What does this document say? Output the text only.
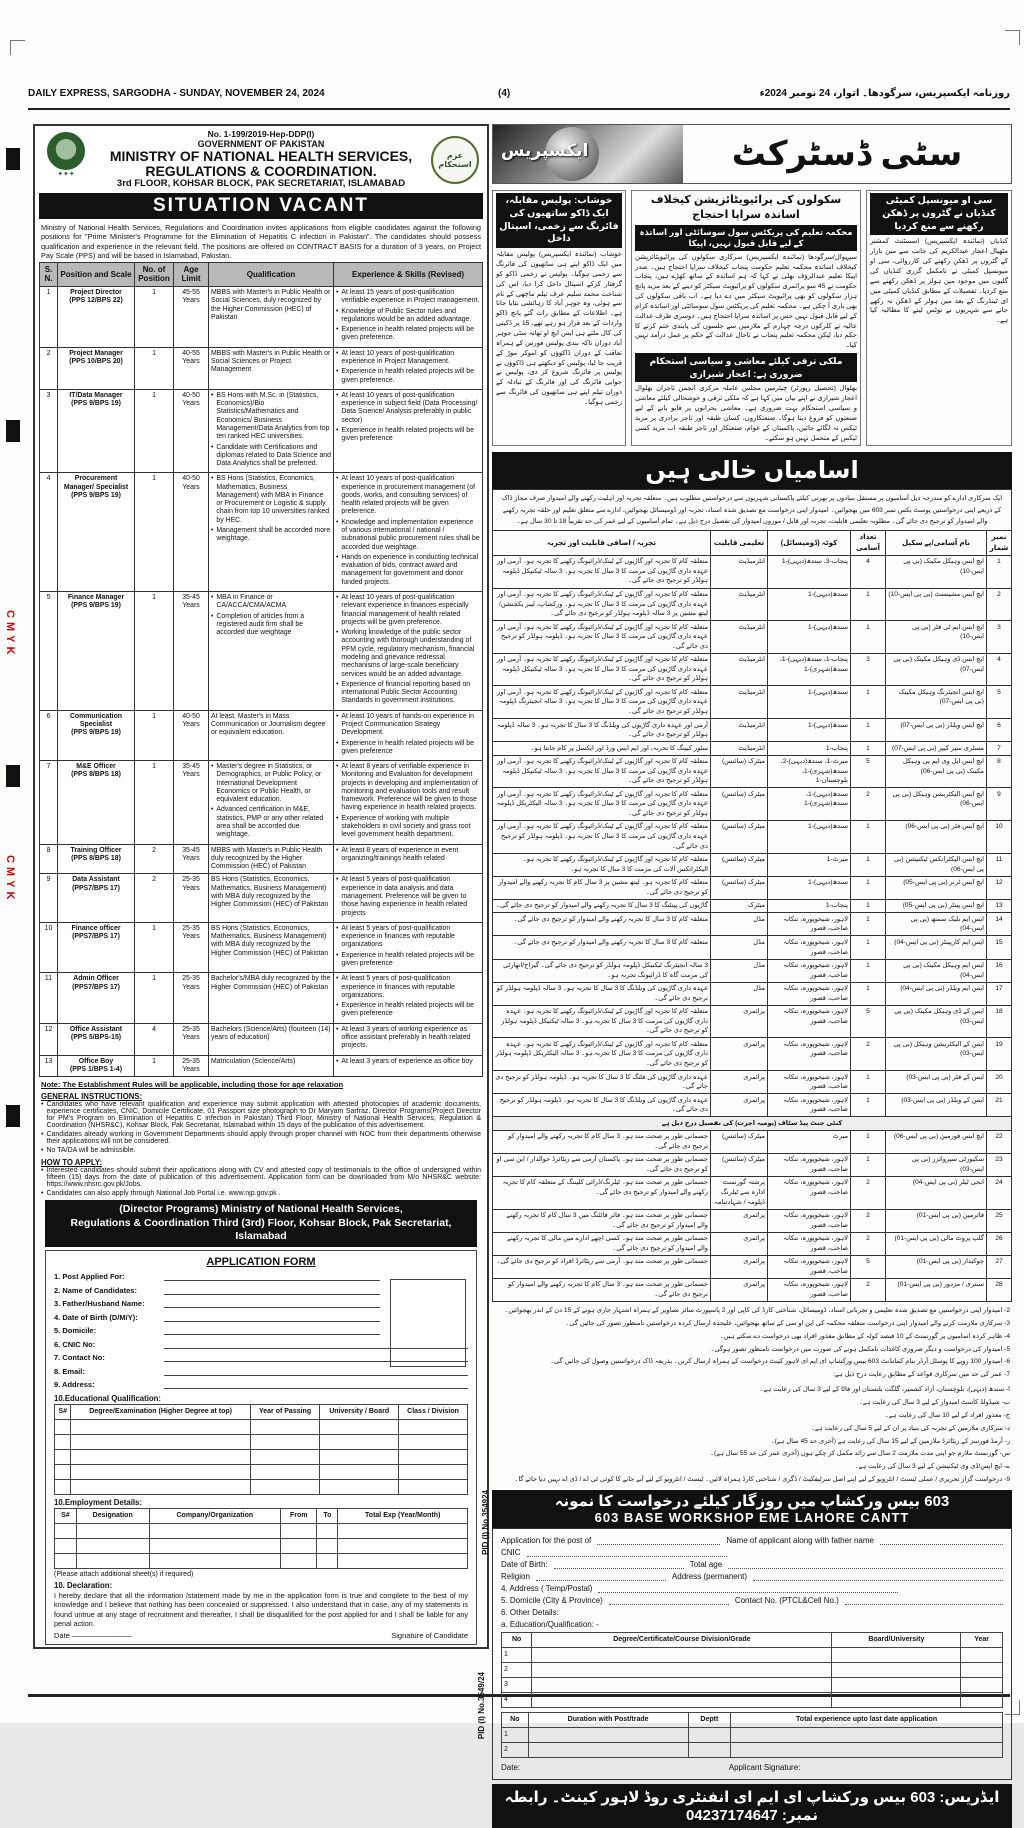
CMYK
CMYK
DAILY EXPRESS, SARGODHA - SUNDAY, NOVEMBER 24, 2024	(4)	روزنامہ ایکسپریس، سرگودھا۔ اتوار، 24 نومبر 2024ء
✦✦✦
عزم استحکام
No. 1-199/2019-Hep-DDP(I)
GOVERNMENT OF PAKISTAN
MINISTRY OF NATIONAL HEALTH SERVICES,
REGULATIONS & COORDINATION.
3rd FLOOR, KOHSAR BLOCK, PAK SECRETARIAT, ISLAMABAD
SITUATION VACANT
Ministry of National Health Services, Regulations and Coordination invites applications from eligible candidates against the following positions for "Prime Minister's Programme for the Elimination of Hepatitis C infection in Pakistan". The candidates should possess qualification and experience in the relevant field. The positions are offered on CONTRACT BASIS for a duration of 3 years, on Project Pay Scale (PPS) and will be based in Islamabad, Pakistan.
S. N.	Position and Scale	No. of Position	Age Limit	Qualification	Experience & Skills (Revised)
1	Project Director
(PPS 12/BPS 22)
	1	45-55 Years	MBBS with Master's in Public Health or Social Sciences, duly recognized by the Higher Commission (HEC) of Pakistan	
• At least 15 years of post-qualification verifiable experience in Project management.
• Knowledge of Public Sector rules and regulations would be an added advantage.
• Experience in health related projects will be given preference.

2	Project Manager
(PPS 10/BPS 20)
	1	40-55 Years	MBBS with Master's in Public Health or Social Sciences or Project Management	
• At least 10 years of post-qualification experience in Project Management.
• Experience in health related projects will be given preference.

3	IT/Data Manager
(PPS 9/BPS 19)
	1	40-50 Years	
• BS Hons with M.Sc. in (Statistics, Economics)/Bio Statistics/Mathematics and Economics/ Business Management/Data Analytics from top ten ranked HEC universities.
• Candidate with Certifications and diplomas related to Data Science and Data Analytics shall be preferred.

• At least 10 years of post-qualification experience in subject field (Data Processing/ Data Science/ Analysis preferably in public sector)
• Experience in health related projects will be given preference

4	Procurement Manager/ Specialist
(PPS 9/BPS 19)
	1	40-50 Years	
• BS Hons (Statistics, Economics, Mathematics, Business Management) with MBA in Finance or Procurement or Logistic & supply chain from top 10 universities ranked by HEC.
• Management shall be accorded more weightage.

• At least 10 years of post-qualification experience in procurement management (of goods, works, and consulting services) of health related projects will be given preference.
• Knowledge and implementation experience of various international / national / subnational public procurement rules shall be accorded due weightage.
• Hands on experience in conducting technical evaluation of bids, contract award and management for government and donor funded projects.

5	Finance Manager
(PPS 9/BPS 19)
	1	35-45 Years	
• MBA in Finance or CA/ACCA/CMA/ACMA
• Completion of articles from a registered audit firm shall be accorded due weightage

• At least 10 years of post-qualification relevant experience in finances especially financial management of health related projects will be given preference.
• Working knowledge of the public sector accounting with thorough understanding of PFM cycle, regulatory mechanism, financial modeling and grievance redressal mechanisms of large-scale beneficiary services would be an added advantage.
• Experience of financial reporting based on international Public Sector Accounting Standards in government institutions.

6	Communication Specialist
(PPS 9/BPS 19)
	1	40-50 Years	At least, Master's in Mass Communication or Journalism degree or equivalent education.	
• At least 10 years of hands-on experience in Project Communication Strategy Development.
• Experience in health related projects will be given preference

7	M&E Officer
(PPS 8/BPS 18)
	1	35-45 Years	
• Master's degree in Statistics, or Demographics, or Public Policy, or International Development Economics or Public Health, or equivalent education.
• Advanced certification in M&E, statistics, PMP or any other related area shall be accorded due weightage.

• At least 8 years of verifiable experience in Monitoring and Evaluation for development projects in developing and implementation of monitoring and evaluation tools and result framework. Preference will be given to those having experience in health related projects.
• Experience of working with multiple stakeholders in civil society and grass root level government health department.

8	Training Officer
(PPS 8/BPS 18)	2	35-45 Years	MBBS with Master's in Public Health duly recognized by the Higher Commission (HEC) of Pakistan	• At least 8 years of experience in event organizing/trainings health related

9	Data Assistant
(PPS7/BPS 17)	2	25-35 Years	BS Hons (Statistics, Economics, Mathematics, Business Management) with MBA duly recognized by the Higher Commission (HEC) of Pakistan	• At least 5 years of post-qualification experience in data analysis and data management. Preference will be given to those having experience in health related projects

10	Finance officer
(PPS7/BPS 17)
	1	25-35 Years	BS Hons (Statistics, Economics, Mathematics, Business Management) with MBA duly recognized by the Higher Commission (HEC) of Pakistan	
• At least 5 years of post-qualification experience in finances with reputable organizations
• Experience in health related projects will be given preference

11	Admin Officer
(PPS7/BPS 17)
	1	25-35 Years	Bachelor's/MBA duly recognized by the Higher Commission (HEC) of Pakistan	
• At least 5 years of post-qualification experience in finances with reputable organizations.
• Experience in health related projects will be given preference

12	Office Assistant
(PPS 5/BPS-15)	4	25-35 Years	Bachelors (Science/Arts) (fourteen (14) years of education)	• At least 3 years of working experience as office assistant preferably in health related projects.

13	Office Boy
(PPS 1/BPS 1-4)	1	25-35 Years	Matriculation (Science/Arts)	• At least 3 years of experience as office boy
Note: The Establishment Rules will be applicable, including those for age relaxation
GENERAL INSTRUCTIONS:
• Candidates who have relevant qualification and experience may submit application with attested photocopies of academic documents, experience certificates, CNIC, Domicile Certificate, 01 Passport size photograph to Dr Maryam Sarfraz, Director Programs(Project Director for PM's Program on Elimination of Hepatitis C infection in Pakistan) Third Floor, Ministry of National Health Services, Regulation & Coordination (NHSR&C), Kohsar Block, Pak Secretariat, Islamabad within 15 days of the publication of this advertisement.
• Candidates already working in Government Departments should apply through proper channel with NOC from their departments otherwise their applications will not be considered.
• No TA/DA will be admissible.
HOW TO APPLY:
• Interested candidates should submit their applications along with CV and attested copy of testimonials to the office of undersigned within fifteen (15) days from the date of publication of this advertisement. Application form can be downloaded from M/o NHSR&C website: https://www.nhsrc.gov.pk/Jobs.
• Candidates can also apply through National Job Portal i.e. www.njp.gov.pk .
(Director Programs) Ministry of National Health Services,
Regulations & Coordination Third (3rd) Floor, Kohsar Block, Pak Secretariat, Islamabad
APPLICATION FORM
1. Post Applied For:
2. Name of Candidates:
3. Father/Husband Name:
4. Date of Birth (D/M/Y):
5. Domicile:
6. CNIC No:
7. Contact No:
8. Email:
9. Address:
10.Educational Qualification:
S#	Degree/Examination (Higher Degree at top)	Year of Passing	University / Board	Class / Division

10.Employment Details:
S#	Designation	Company/Organization	From	To	Total Exp (Year/Month)

(Please attach additional sheet(s) if required)
10. Declaration:
I hereby declare that all the information /statement made by me in the application form is true and complete to the best of my knowledge and I believe that nothing has been concealed or suppressed. I also understand that in case, any of my statements is found untrue at any stage of recruitment and thereafter, I shall be disqualified for the post applied for and I shall be liable for any penal action.
Date ————————	Signature of Candidate
PID (I) No.354924
ایکسپریس	سٹی ڈسٹرکٹ
سی او میونسپل کمیٹی کنڈیاں نے گٹروں پر ڈھکن رکھنے سے منع کردیا
کنڈیاں (نمائندہ ایکسپریس) اسسٹنٹ کمشنر مٹھیال اعجاز عبدالکریم کی جانب سے مین بازار کے گٹروں پر ڈھکن رکھنے کی کارروائی، سی او میونسپل کمیٹی نے نامکمل گزری کنڈیاں کی گلیوں میں موجود مین ہولز پر ڈھکن رکھنے سے منع کردیا۔ تفصیلات کے مطابق کنڈیاں کمیٹی میں ای ٹینڈرنگ کے بعد مین ہولز کے ڈھکن نہ رکھے جانے سے شہریوں نے نوٹس لینے کا مطالبہ کیا ہے۔
سکولوں کی پرائیویٹائزیشن کیخلاف اساتذہ سراپا احتجاج
محکمہ تعلیم کی پریکٹس سول سوسائٹی اور اساتذہ کے لیے قابل قبول نہیں، اپیکا
سیہوال/سرگودھا (نمائندہ ایکسپریس) سرکاری سکولوں کی پرائیویٹائزیشن کیخلاف اساتذہ محکمہ تعلیم حکومت پنجاب کیخلاف سراپا احتجاج ہیں۔ صدر اپیکا تعلیم عبدالرؤف بھلی نے کہا کہ ہم اساتذہ کے ساتھ کھڑے ہیں، پنجاب حکومت نے 45 سو پرائمری سکولوں کو پرائیویٹ سیکٹر کو دینے کے بعد مزید پانچ ہزار سکولوں کو بھی پرائیویٹ سیکٹر میں دے دیا ہے۔ اب باقی سکولوں کی بھی باری آ چکی ہے۔ محکمہ تعلیم کی پریکٹس سول سوسائٹی اور اساتذہ کرام کے لیے قابل قبول نہیں جس پر اساتذہ سراپا احتجاج ہیں۔ دوسری طرف عدالت عالیہ نے کلرکوں درجہ چہارم کے ملازمین سے جلسوں کی پابندی ختم کرنے کا حکم دیا، لیکن محکمہ تعلیم پنجاب نے تاحال عدالت کے حکم پر عمل درآمد نہیں کیا۔
ملکی ترقی کیلئے معاشی و سیاسی استحکام ضروری ہے: اعجاز شیرازی
بھلوال (تحصیل رپورٹر) چیئرمین مجلس عاملہ مرکزی انجمن تاجران بھلوال اعجاز شیرازی نے اپنے بیان میں کہا ہے کہ ملکی ترقی و خوشحالی کیلئے معاشی و سیاسی استحکام بہت ضروری ہے۔ معاشی بحرانوں پر قابو پانے کے لیے صنعتوں کو فروغ دینا ہوگا۔ صنعتکاروں، کسان طبقہ اور تاجر برادری پر مزید ٹیکس نہ لگائے جائیں، پاکستان کے عوام، صنعتکار اور تاجر طبقہ اب مزید کسی ٹیکس کے متحمل نہیں ہو سکتے۔
خوشاب: پولیس مقابلہ، ایک ڈاکو ساتھیوں کی فائرنگ سے زخمی، اسپتال داخل
خوشاب (نمائندہ ایکسپریس) پولیس مقابلہ میں ایک ڈاکو اپنے ہی ساتھیوں کی فائرنگ سے زخمی ہوگیا۔ پولیس نے زخمی ڈاکو کو گرفتار کرکے اسپتال داخل کرا دیا، اس کی شناخت محمد سلیم عرف تیلم ماچھی کے نام سے ہوئی، وہ جوہر آباد کا رہائشی بتایا جاتا ہے۔ اطلاعات کے مطابق رات گئے پانچ ڈاکو واردات کے بعد فرار ہو رہے تھے، 15 پر ڈکیتی کی کال ملتے ہی ایس ایچ او تھانہ سٹی جوہر آباد دوران ناکہ بندی پولیس فورس کے ہمراہ تعاقب کے دوران ڈاکوؤں کو اموکر موڑ کے قریب جا لیا، پولیس کو دیکھتے ہی ڈاکوؤں نے پولیس پر فائرنگ شروع کر دی، پولیس نے جوابی فائرنگ کی اور فائرنگ کے تبادلہ کے دوران تیلم اپنے ہی ساتھیوں کی فائرنگ سے زخمی ہوگیا۔
اسامیاں خالی ہیں
ایک سرکاری ادارے کو مندرجہ ذیل آسامیوں پر مستقل بنیادوں پر بھرتی کیلئے پاکستانی شہریوں سے درخواستیں مطلوب ہیں۔ متعلقہ تجربہ اور اہلیت رکھنے والے امیدوار صرف مجاز ڈاک کے ذریعے اپنی درخواستیں پوسٹ بکس نمبر 603 میں بھجوائیں۔ امیدوار اپنی درخواست مع تصدیق شدہ اسناد، تجربہ اور ڈومیسائل بھجوائیں، ادارے سے متعلق تعلیم اور حلقہ تجربہ رکھنے والے امیدوار کو ترجیح دی جائے گی۔ مطلوبہ تعلیمی قابلیت، تجربہ اور قابل / موزوں امیدوار کی تفصیل درج ذیل ہے۔ تمام آسامیوں کے لیے عمر کی حد تقریباً 18 تا 30 سال ہے۔
نمبر شمار	نام آسامی/پے سکیل	تعداد آسامی	کوٹہ (ڈومیسائل)	تعلیمی قابلیت	تجربہ / اضافی قابلیت اور تجربہ
1	ایچ ایس وہیکل مکینک (بی پی ایس-10)	4	پنجاب-3، سندھ(دیہی)-1	انٹرمیڈیٹ	متعلقہ کام کا تجربہ اور گاڑیوں کے ٹینک/ڈرائیونگ رکھنے کا تجربہ ہو۔ آرمی اور عہدہ داری گاڑیوں کی مرمت کا 3 سال کا تجربہ ہو۔ 3 سالہ ٹیکنیکل ڈپلومہ ہولڈر کو ترجیح دی جائے گی۔
2	ایچ ایس مشینسٹ (بی پی ایس-10)	1	سندھ(دیہی)-1	انٹرمیڈیٹ	متعلقہ کام کا تجربہ اور گاڑیوں کے ٹینک/ڈرائیونگ رکھنے کا تجربہ ہو۔ آرمی اور عہدہ داری گاڑیوں کی مرمت کا 3 سال کا تجربہ ہو۔ ورکشاپ، لیبر یکجنشن/لیتھ مشین پر 3 سالہ ڈپلومہ ہولڈر کو ترجیح دی جائے گی۔
3	ایچ ایس ایم ٹی فٹر (بی پی ایس-10)	1	سندھ(دیہی)-1	انٹرمیڈیٹ	متعلقہ کام کا تجربہ اور گاڑیوں کے ٹینک/ڈرائیونگ رکھنے کا تجربہ ہو۔ آرمی اور عہدہ داری گاڑیوں کی مرمت کا 3 سال کا تجربہ ہو۔ ڈپلومہ ہولڈر کو ترجیح دی جائے گی۔
4	ایچ ایس ڈی وہیکل مکینک (بی پی ایس-07)	3	پنجاب-1، سندھ(دیہی)-1، سندھ(شہری)-1	انٹرمیڈیٹ	متعلقہ کام کا تجربہ اور گاڑیوں کے ٹینک/ڈرائیونگ رکھنے کا تجربہ ہو۔ آرمی اور عہدہ داری گاڑیوں کی مرمت کا 3 سال کا تجربہ ہو۔ 3 سالہ ٹیکنیکل ڈپلومہ ہولڈر کو ترجیح دی جائے گی۔
5	ایچ ایس انجیئرنگ وہیکل مکینک (بی پی ایس-07)	1	سندھ(دیہی)-1	انٹرمیڈیٹ	متعلقہ کام کا تجربہ اور گاڑیوں کے ٹینک/ڈرائیونگ رکھنے کا تجربہ ہو۔ آرمی اور عہدہ داری گاڑیوں کی مرمت کا 3 سال کا تجربہ ہو۔ 3 سالہ انجیئرنگ ڈپلومہ ہولڈر کو ترجیح دی جائے گی۔
6	ایچ ایس ویلڈر (بی پی ایس-07)	1	سندھ(دیہی)-1	انٹرمیڈیٹ	آرمی اور عہدہ داری گاڑیوں کی ویلڈنگ کا 3 سال کا تجربہ ہو۔ 3 سالہ ڈپلومہ ہولڈر کو ترجیح دی جائے گی۔
7	مسٹری سپر کیپر (بی پی ایس-07)	1	پنجاب-1	انٹرمیڈیٹ	سٹور کیپنگ کا تجربہ، اور ایم ایس ورڈ اور ایکسل پر کام جانتا ہو۔
8	ایچ ایس ایل وی ایم پی وہیکل مکینک (بی پی ایس-06)	5	میرٹ-1، سندھ(دیہی)-2، سندھ(شہری)-1، بلوچستان-1	میٹرک (سائنس)	متعلقہ کام کا تجربہ اور گاڑیوں کے ٹینک/ڈرائیونگ رکھنے کا تجربہ ہو۔ آرمی اور عہدہ داری گاڑیوں کی مرمت کا 3 سال کا تجربہ ہو۔ 3 سالہ ٹیکنیکل ڈپلومہ ہولڈر کو ترجیح دی جائے گی۔
9	ایچ ایس الیکٹریشن وہیکل (بی پی ایس-06)	2	سندھ(دیہی)-1، سندھ(شہری)-1	میٹرک (سائنس)	متعلقہ کام کا تجربہ اور گاڑیوں کے ٹینک/ڈرائیونگ رکھنے کا تجربہ ہو۔ آرمی اور عہدہ داری گاڑیوں کی مرمت کا 3 سال کا تجربہ ہو۔ 3 سالہ الیکٹریکل ڈپلومہ ہولڈر کو ترجیح دی جائے گی۔
10	ایچ ایس فٹر (بی پی ایس-06)	1	سندھ(دیہی)-1	میٹرک (سائنس)	متعلقہ کام کا تجربہ اور گاڑیوں کے ٹینک/ڈرائیونگ رکھنے کا تجربہ ہو۔ آرمی اور عہدہ داری گاڑیوں کی مرمت کا 3 سال کا تجربہ ہو۔ ڈپلومہ ہولڈر کو ترجیح دی جائے گی۔
11	ایچ ایس الیکٹرانکس ٹیکنیشن (بی پی ایس-06)	1	میرٹ-1	میٹرک (سائنس)	متعلقہ کام کا تجربہ اور گاڑیوں کے ٹینک/ڈرائیونگ رکھنے کا تجربہ ہو۔ الیکٹرانکس آلات کی مرمت کا 3 سال کا تجربہ ہو۔
12	ایچ ایس ٹرنر (بی پی ایس-05)	1	سندھ(دیہی)-1	میٹرک (سائنس)	متعلقہ کام کا تجربہ ہو۔ لیتھ مشین پر 3 سال کام کا تجربہ رکھنے والے امیدوار کو ترجیح دی جائے گی۔
13	ایچ ایس پینٹر (بی پی ایس-05)	1	پنجاب-1	میٹرک	گاڑیوں کی پینٹنگ کا 3 سال کا تجربہ رکھنے والے امیدوار کو ترجیح دی جائے گی۔
14	ایس ایم بلیک سمتھ (بی پی ایس-04)	1	لاہور، شیخوپورہ، ننکانہ صاحب، قصور	مڈل	متعلقہ کام کا 3 سال کا تجربہ رکھنے والے امیدوار کو ترجیح دی جائے گی۔
15	ایس ایم کارپینٹر (بی پی ایس-04)	1	لاہور، شیخوپورہ، ننکانہ صاحب، قصور	مڈل	متعلقہ کام کا 3 سال کا تجربہ رکھنے والے امیدوار کو ترجیح دی جائے گی۔
16	ایس ایم وہیکل مکینک (بی پی ایس-04)	1	لاہور، شیخوپورہ، ننکانہ صاحب، قصور	مڈل	3 سالہ انجیئرنگ ٹیکنیکل ڈپلومہ ہولڈر کو ترجیح دی جائے گی۔ گیراج/اتھارٹی کی مرمت گاہ کا ڈرائیونگ تجربہ ہو۔
17	ایس ایم ویلڈر (بی پی ایس-04)	1	لاہور، شیخوپورہ، ننکانہ صاحب، قصور	مڈل	عہدہ داری گاڑیوں کی ویلڈنگ کا 3 سال کا تجربہ ہو۔ 3 سالہ ڈپلومہ ہولڈر کو ترجیح دی جائے گی۔
18	ایس کے ڈی وہیکل مکینک (بی پی ایس-03)	5	لاہور، شیخوپورہ، ننکانہ صاحب، قصور	پرائمری	متعلقہ کام کا تجربہ اور گاڑیوں کے ٹینک/ڈرائیونگ رکھنے کا تجربہ ہو۔ عہدہ داری گاڑیوں کی مرمت کا 3 سال کا تجربہ ہو۔ 3 سالہ ٹیکنیکل ڈپلومہ ہولڈر کو ترجیح دی جائے گی۔
19	ایس کے الیکٹریشن وہیکل (بی پی ایس-03)	2	لاہور، شیخوپورہ، ننکانہ صاحب، قصور	پرائمری	متعلقہ کام کا تجربہ اور گاڑیوں کے ٹینک/ڈرائیونگ رکھنے کا تجربہ ہو۔ عہدہ داری گاڑیوں کی مرمت کا 3 سال کا تجربہ ہو۔ 3 سالہ الیکٹریکل ڈپلومہ ہولڈر کو ترجیح دی جائے گی۔
20	ایس کے فٹر (بی پی ایس-03)	1	لاہور، شیخوپورہ، ننکانہ صاحب، قصور	پرائمری	عہدہ داری گاڑیوں کی فٹنگ کا 3 سال کا تجربہ ہو۔ ڈپلومہ ہولڈر کو ترجیح دی جائے گی۔
21	ایس کے ویلڈر (بی پی ایس-03)	1	لاہور، شیخوپورہ، ننکانہ صاحب، قصور	پرائمری	عہدہ داری گاڑیوں کی ویلڈنگ کا 3 سال کا تجربہ ہو۔ ڈپلومہ ہولڈر کو ترجیح دی جائے گی۔
کنٹی جنٹ پیڈ سٹاف (یومیہ اجرت) کی تفصیل درج ذیل ہے					
22	ایچ ایس فورمین (بی پی ایس-06)	1	میرٹ	میٹرک (سائنس)	جسمانی طور پر صحت مند ہو۔ 3 سال کام کا تجربہ رکھنے والے امیدوار کو ترجیح دی جائے گی۔
23	سکیورٹی سپروائزر (بی پی ایس-03)	1	لاہور، شیخوپورہ، ننکانہ صاحب، قصور	میٹرک (سائنس)	جسمانی طور پر صحت مند ہو۔ پاکستان آرمی سے ریٹائرڈ حوالدار / این سی او کو ترجیح دی جائے گی۔
24	انجی ٹیلر (بی پی ایس-04)	2	لاہور، شیخوپورہ، ننکانہ صاحب، قصور	پرشتہ گورنمنٹ ادارہ سے ٹیلرنگ ڈپلومہ / شہادتنامہ	جسمانی طور پر صحت مند ہو۔ ٹیلرنگ/ڈرائی کلیننگ کے متعلقہ کام کا تجربہ رکھنے والے امیدوار کو ترجیح دی جائے گی۔
25	فائرمین (بی پی ایس-01)	2	لاہور، شیخوپورہ، ننکانہ صاحب، قصور	پرائمری	جسمانی طور پر صحت مند ہو۔ فائر فائٹنگ میں 3 سال کام کا تجربہ رکھنے والے امیدوار کو ترجیح دی جائے گی۔
26	گلپ پروٹ مالی (بی پی ایس-01)	2	لاہور، شیخوپورہ، ننکانہ صاحب، قصور	پرائمری	جسمانی طور پر صحت مند ہو۔ کسی اچھے ادارے میں مالی کا تجربہ رکھنے والے امیدوار کو ترجیح دی جائے گی۔
27	چوکیدار (بی پی ایس-01)	5	لاہور، شیخوپورہ، ننکانہ صاحب، قصور	پرائمری	جسمانی طور پر صحت مند ہو۔ آرمی سے ریٹائرڈ افراد کو ترجیح دی جائے گی۔
28	سنتری / مزدور (بی پی ایس-01)	2	لاہور، شیخوپورہ، ننکانہ صاحب، قصور	پرائمری	جسمانی طور پر صحت مند ہو۔ 3 سال کام کا تجربہ رکھنے والے امیدوار کو ترجیح دی جائے گی۔
2- امیدوار اپنی درخواستیں مع تصدیق شدہ تعلیمی و تجرباتی اسناد، ڈومیسائل، شناختی کارڈ کی کاپی اور 2 پاسپورٹ سائز تصاویر کے ہمراہ اشتہار جاری ہونے کے 15 دن کے اندر بھجوائیں۔
3- سرکاری ملازمت کرنے والے امیدوار اپنی درخواست متعلقہ محکمہ کی این او سی کے ساتھ بھجوائیں، علیحدہ ارسال کردہ درخواستیں نامنظور تصور کی جائیں گی۔
4- ظاہر کردہ اسامیوں پر گورنمنٹ کے 10 فیصد کوٹہ کے مطابق معذور افراد بھی درخواست دے سکتے ہیں۔
5- امیدوار کی درخواست و دیگر ضروری کاغذات نامکمل ہونے کی صورت میں درخواست نامنظور تصور ہوگی۔
6- امیدوار 100 روپے کا پوسٹل آرڈر بنام کمانڈنٹ 603 بیس ورکشاپ ای ایم ای لاہور کینٹ درخواست کے ہمراہ ارسال کریں۔ بذریعہ ڈاک درخواستیں وصول کی جائیں گی۔
7- عمر کی حد میں سرکاری قواعد کے مطابق رعایت درج ذیل ہے:
ا- سندھ (دیہی)، بلوچستان، آزاد کشمیر، گلگت بلتستان اور فاٹا کے لیے 3 سال کی رعایت ہے۔
ب- شیڈولڈ کاسٹ امیدوار کے لیے 3 سال کی رعایت ہے۔
ج- معذور افراد کے لیے 10 سال کی رعایت ہے۔
د- سرکاری ملازمین کے تجربہ کی بنیاد پر ان کے لیے 5 سال کی رعایت ہے۔
ر- آرمڈ فورسز کے ریٹائرڈ ملازمین کے لیے 15 سال کی رعایت ہے (آخری حد 45 سال ہے)۔
س- گورنمنٹ ملازم جو اپنی مدت ملازمت 2 سال سے زائد مکمل کر چکے ہوں (آخری عمر کی حد 55 سال ہے)۔
ے- ایچ ایس/ڈی وی ٹیکنیشن کے لیے 3 سال کی رعایت ہے۔
9- درخواست گزار تحریری / عملی ٹیسٹ / انٹرویو کے لیے اپنے اصل سرٹیفکیٹ / ڈگری / شناختی کارڈ ہمراہ لائیں۔ ٹیسٹ / انٹرویو کے لیے آنے جانے کا کوئی ٹی اے / ڈی اے نہیں دیا جائے گا۔
603 بیس ورکشاپ میں روزگار کیلئے درخواست کا نمونہ
603 BASE WORKSHOP EME LAHORE CANTT
Application for the post of	Name of applicant along with father name
CNIC
Date of Birth:	Total age
Religion	Address (permanent)
4. Address ( Temp/Postal)
5. Domicile (City & Province)	Contact No. (PTCL&Cell No.)
6. Other Details:
a. Education/Qualification: -
No	Degree/Certificate/Course Division/Grade	Board/University	Year
1			
2			
3			
4			
No	Duration with Post/trade	Deptt	Total experience upto last date application
1			
2			
Date:	Applicant Signature:
PID (I) No.3549/24
ایڈریس: 603 بیس ورکشاپ ای ایم ای انفنٹری روڈ لاہور کینٹ۔ رابطہ نمبر: 04237174647
